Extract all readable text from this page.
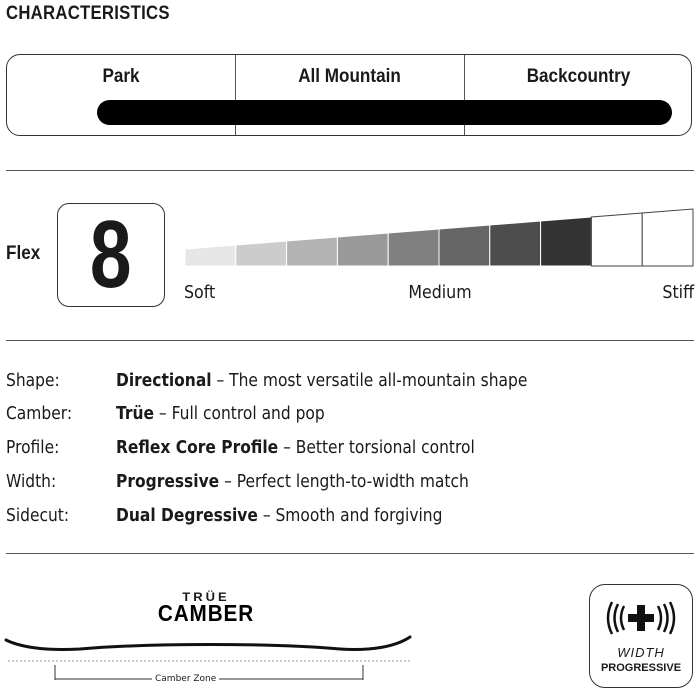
CHARACTERISTICS
Park	All Mountain	Backcountry
Flex 8	Soft	Medium	Stiff
Shape:	Directional – The most versatile all-mountain shape
Camber: Trüe – Full control and pop
Profile:	Reflex Core Profile – Better torsional control
Width:	Progressive – Perfect length-to-width match
Sidecut:	Dual Degressive – Smooth and forgiving
TRÜE
CAMBER
Camber Zone
WIDTH
PROGRESSIVE
